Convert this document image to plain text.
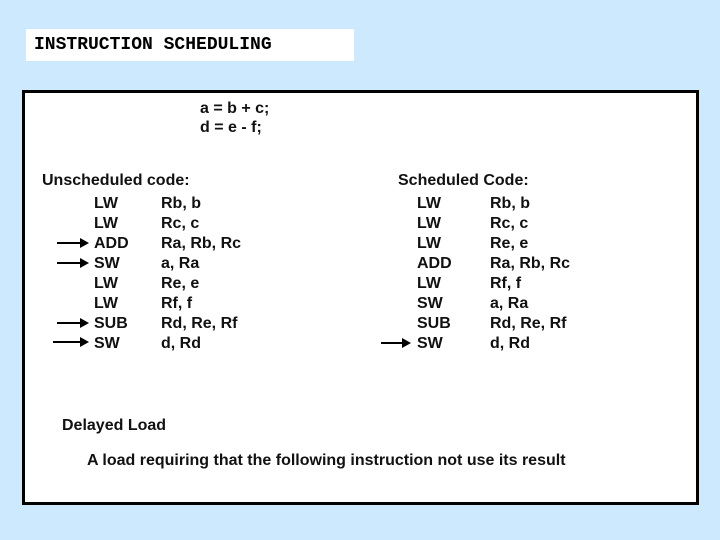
INSTRUCTION SCHEDULING
a = b + c;
d = e - f;
Unscheduled code:
LW	Rb, b
LW	Rc, c
ADD Ra, Rb, Rc
SW	a, Ra
LW	Re, e
LW	Rf, f
SUB Rd, Re, Rf
SW	d, Rd
Scheduled Code:
LW	Rb, b
LW	Rc, c
LW	Re, e
ADD Ra, Rb, Rc
LW	Rf, f
SW	a, Ra
SUB Rd, Re, Rf
SW	d, Rd
Delayed Load
A load requiring that the following instruction not use its result
